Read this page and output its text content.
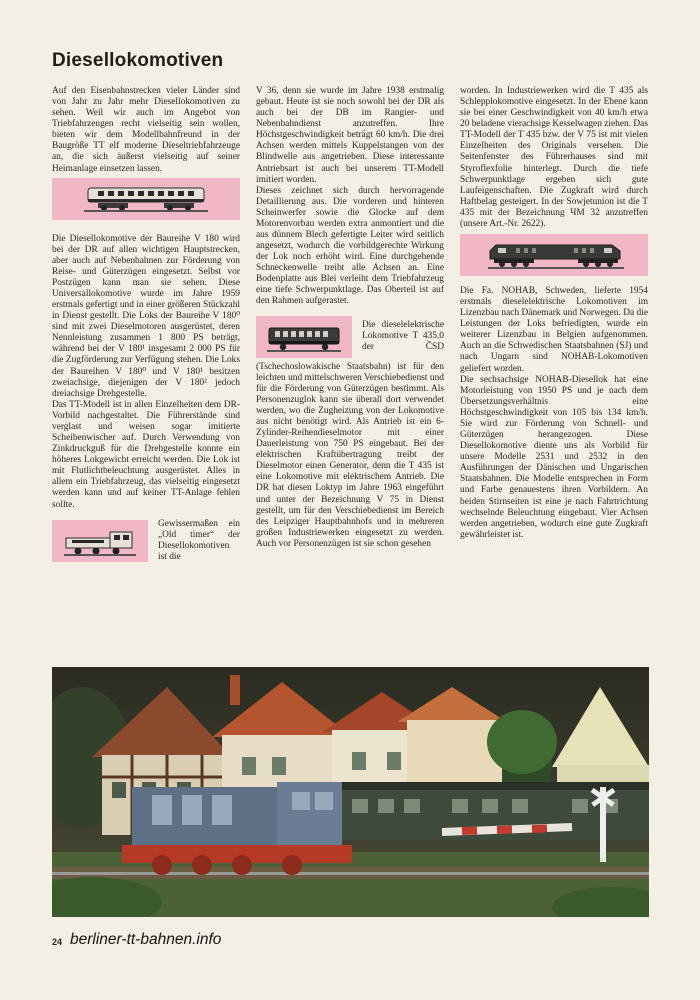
Diesellokomotiven

Auf den Eisenbahnstrecken vieler Länder sind von Jahr zu Jahr mehr Diesellokomotiven zu sehen. Weil wir auch im Angebot von Triebfahrzeugen recht vielseitig sein wollen, bieten wir dem Modellbahnfreund in der Baugröße TT elf moderne Dieseltriebfahrzeuge an, die sich äußerst vielseitig auf seiner Heimanlage einsetzen lassen.

Die Diesellokomotive der Baureihe V 180 wird bei der DR auf allen wichtigen Hauptstrecken, aber auch auf Nebenbahnen zur Förderung von Reise- und Güterzügen eingesetzt. Selbst vor Postzügen kann man sie sehen. Diese Universallokomotive wurde im Jahre 1959 erstmals gefertigt und in einer größeren Stückzahl in Dienst gestellt. Die Loks der Baureihe V 180⁰ sind mit zwei Dieselmotoren ausgerüstet, deren Nennleistung zusammen 1 800 PS beträgt, während bei der V 180¹ insgesamt 2 000 PS für die Zugförderung zur Verfügung stehen. Die Loks der Baureihen V 180⁰ und V 180¹ besitzen zweiachsige, diejenigen der V 180² jedoch dreiachsige Drehgestelle.

Das TT-Modell ist in allen Einzelheiten dem DR-Vorbild nachgestaltet. Die Führerstände sind verglast und weisen sogar imitierte Scheibenwischer auf. Durch Verwendung von Zinkdruckguß für die Drehgestelle konnte ein höheres Lokgewicht erreicht werden. Die Lok ist mit Flutlichtbeleuchtung ausgerüstet. Alles in allem ein Triebfahrzeug, das vielseitig eingesetzt werden kann und auf keiner TT-Anlage fehlen sollte.

Gewissermaßen ein „Old timer“ der Diesellokomotiven ist die

V 36, denn sie wurde im Jahre 1938 erstmalig gebaut. Heute ist sie noch sowohl bei der DR als auch bei der DB im Rangier- und Nebenbahndienst anzutreffen. Ihre Höchstgeschwindigkeit beträgt 60 km/h. Die drei Achsen werden mittels Kuppelstangen von der Blindwelle aus angetrieben. Diese interessante Antriebsart ist auch bei unserem TT-Modell imitiert worden.

Dieses zeichnet sich durch hervorragende Detaillierung aus. Die vorderen und hinteren Scheinwerfer sowie die Glocke auf dem Motorenvorbau werden extra anmontiert und die aus dünnem Blech gefertigte Leiter wird seitlich angesetzt, wodurch die vorbildgerechte Wirkung der Lok noch erhöht wird. Eine durchgehende Schneckenwelle treibt alle Achsen an. Eine Bodenplatte aus Blei verleiht dem Triebfahrzeug eine tiefe Schwerpunktlage. Das Oberteil ist auf den Rahmen aufgerastet.

Die dieselelektrische Lokomotive T 435.0 der ČSD (Tschechoslowakische Staatsbahn) ist für den leichten und mittelschweren Verschiebedienst und für die Förderung von Güterzügen bestimmt. Als Personenzuglok kann sie überall dort verwendet werden, wo die Zugheizung von der Lokomotive aus nicht benötigt wird. Als Antrieb ist ein 6-Zylinder-Reihendieselmotor mit einer Dauerleistung von 750 PS eingebaut. Bei der elektrischen Kraftübertragung treibt der Dieselmotor einen Generator, denn die T 435 ist eine Lokomotive mit elektrischem Antrieb. Die DR hat diesen Loktyp im Jahre 1963 eingeführt und unter der Bezeichnung V 75 in Dienst gestellt, um für den Verschiebedienst im Bereich des Leipziger Hauptbahnhofs und in mehreren großen Industriewerken eingesetzt zu werden. Auch vor Personenzügen ist sie schon gesehen

worden. In Industriewerken wird die T 435 als Schlepplokomotive eingesetzt. In der Ebene kann sie bei einer Geschwindigkeit von 40 km/h etwa 20 beladene vierachsige Kesselwagen ziehen. Das TT-Modell der T 435 bzw. der V 75 ist mit vielen Einzelheiten des Originals versehen. Die Seitenfenster des Führerhauses sind mit Styroflexfolie hinterlegt. Durch die tiefe Schwerpunktlage ergeben sich gute Laufeigenschaften. Die Zugkraft wird durch Haftbelag gesteigert. In der Sowjetunion ist die T 435 mit der Bezeichnung ЧМ 32 anzutreffen (unsere Art.-Nr. 2622).

Die Fa. NOHAB, Schweden, lieferte 1954 erstmals dieselelektrische Lokomotiven im Lizenzbau nach Dänemark und Norwegen. Da die Leistungen der Loks befriedigten, wurde ein weiterer Lizenzbau in Belgien aufgenommen. Auch an die Schwedischen Staatsbahnen (SJ) und nach Ungarn sind NOHAB-Lokomotiven geliefert worden.

Die sechsachsige NOHAB-Diesellok hat eine Motorleistung von 1950 PS und je nach dem Übersetzungsverhältnis eine Höchstgeschwindigkeit von 105 bis 134 km/h. Sie wird zur Förderung von Schnell- und Güterzügen herangezogen. Diese Diesellokomotive diente uns als Vorbild für unsere Modelle 2531 und 2532 in den Ausführungen der Dänischen und Ungarischen Staatsbahnen. Die Modelle entsprechen in Form und Farbe genauestens ihren Vorbildern. An beiden Stirnseiten ist eine je nach Fahrtrichtung wechselnde Beleuchtung eingebaut. Vier Achsen werden angetrieben, wodurch eine gute Zugkraft gewährleistet ist.

24 berliner-tt-bahnen.info
